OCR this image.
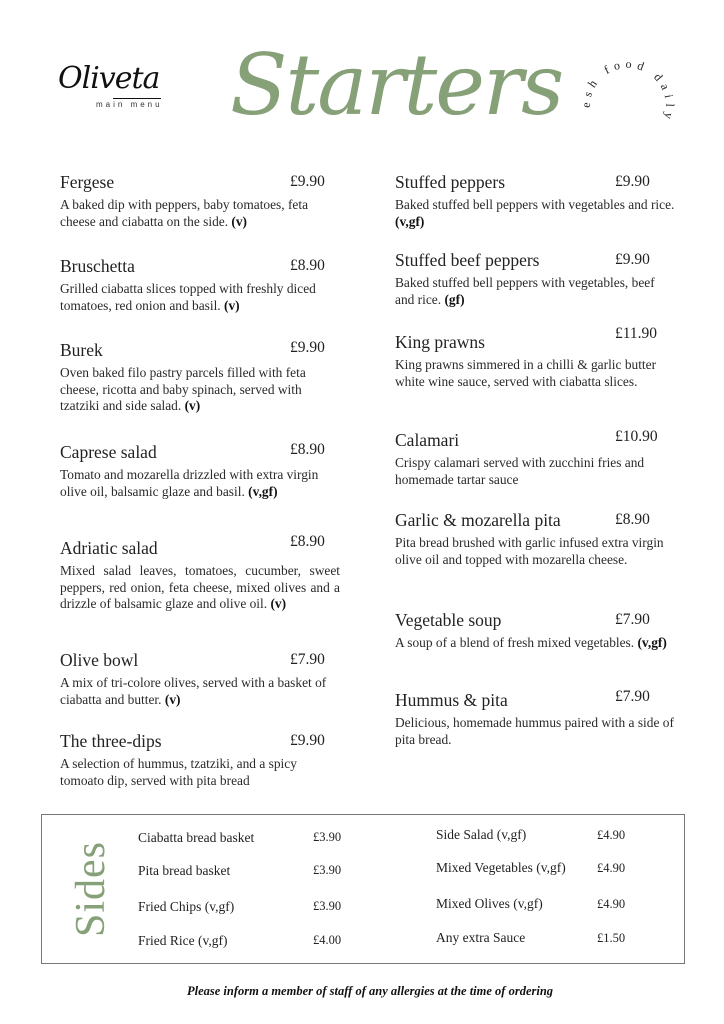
Oliveta
main menu Starters	esh food daily
Fergese	£9.90
A baked dip with peppers, baby tomatoes, feta cheese and ciabatta on the side. (v)
Bruschetta	£8.90
Grilled ciabatta slices topped with freshly diced tomatoes, red onion and basil. (v)
Burek	£9.90
Oven baked filo pastry parcels filled with feta cheese, ricotta and baby spinach, served with tzatziki and side salad. (v)
Caprese salad	£8.90
Tomato and mozarella drizzled with extra virgin olive oil, balsamic glaze and basil. (v,gf)
Adriatic salad	£8.90
Mixed salad leaves, tomatoes, cucumber, sweet peppers, red onion, feta cheese, mixed olives and a drizzle of balsamic glaze and olive oil. (v)
Olive bowl	£7.90
A mix of tri-colore olives, served with a basket of ciabatta and butter. (v)
The three-dips	£9.90
A selection of hummus, tzatziki, and a spicy tomoato dip, served with pita bread
Stuffed peppers	£9.90
Baked stuffed bell peppers with vegetables and rice. (v,gf)
Stuffed beef peppers	£9.90
Baked stuffed bell peppers with vegetables, beef and rice. (gf)
King prawns	£11.90
King prawns simmered in a chilli & garlic butter white wine sauce, served with ciabatta slices.
Calamari	£10.90
Crispy calamari served with zucchini fries and homemade tartar sauce
Garlic & mozarella pita	£8.90
Pita bread brushed with garlic infused extra virgin olive oil and topped with mozarella cheese.
Vegetable soup	£7.90
A soup of a blend of fresh mixed vegetables. (v,gf)
Hummus & pita	£7.90
Delicious, homemade hummus paired with a side of pita bread.
Sides
Ciabatta bread basket	£3.90
Pita bread basket	£3.90
Fried Chips (v,gf)	£3.90
Fried Rice (v,gf)	£4.00
Side Salad (v,gf)	£4.90
Mixed Vegetables (v,gf)	£4.90
Mixed Olives (v,gf)	£4.90
Any extra Sauce	£1.50
Please inform a member of staff of any allergies at the time of ordering
